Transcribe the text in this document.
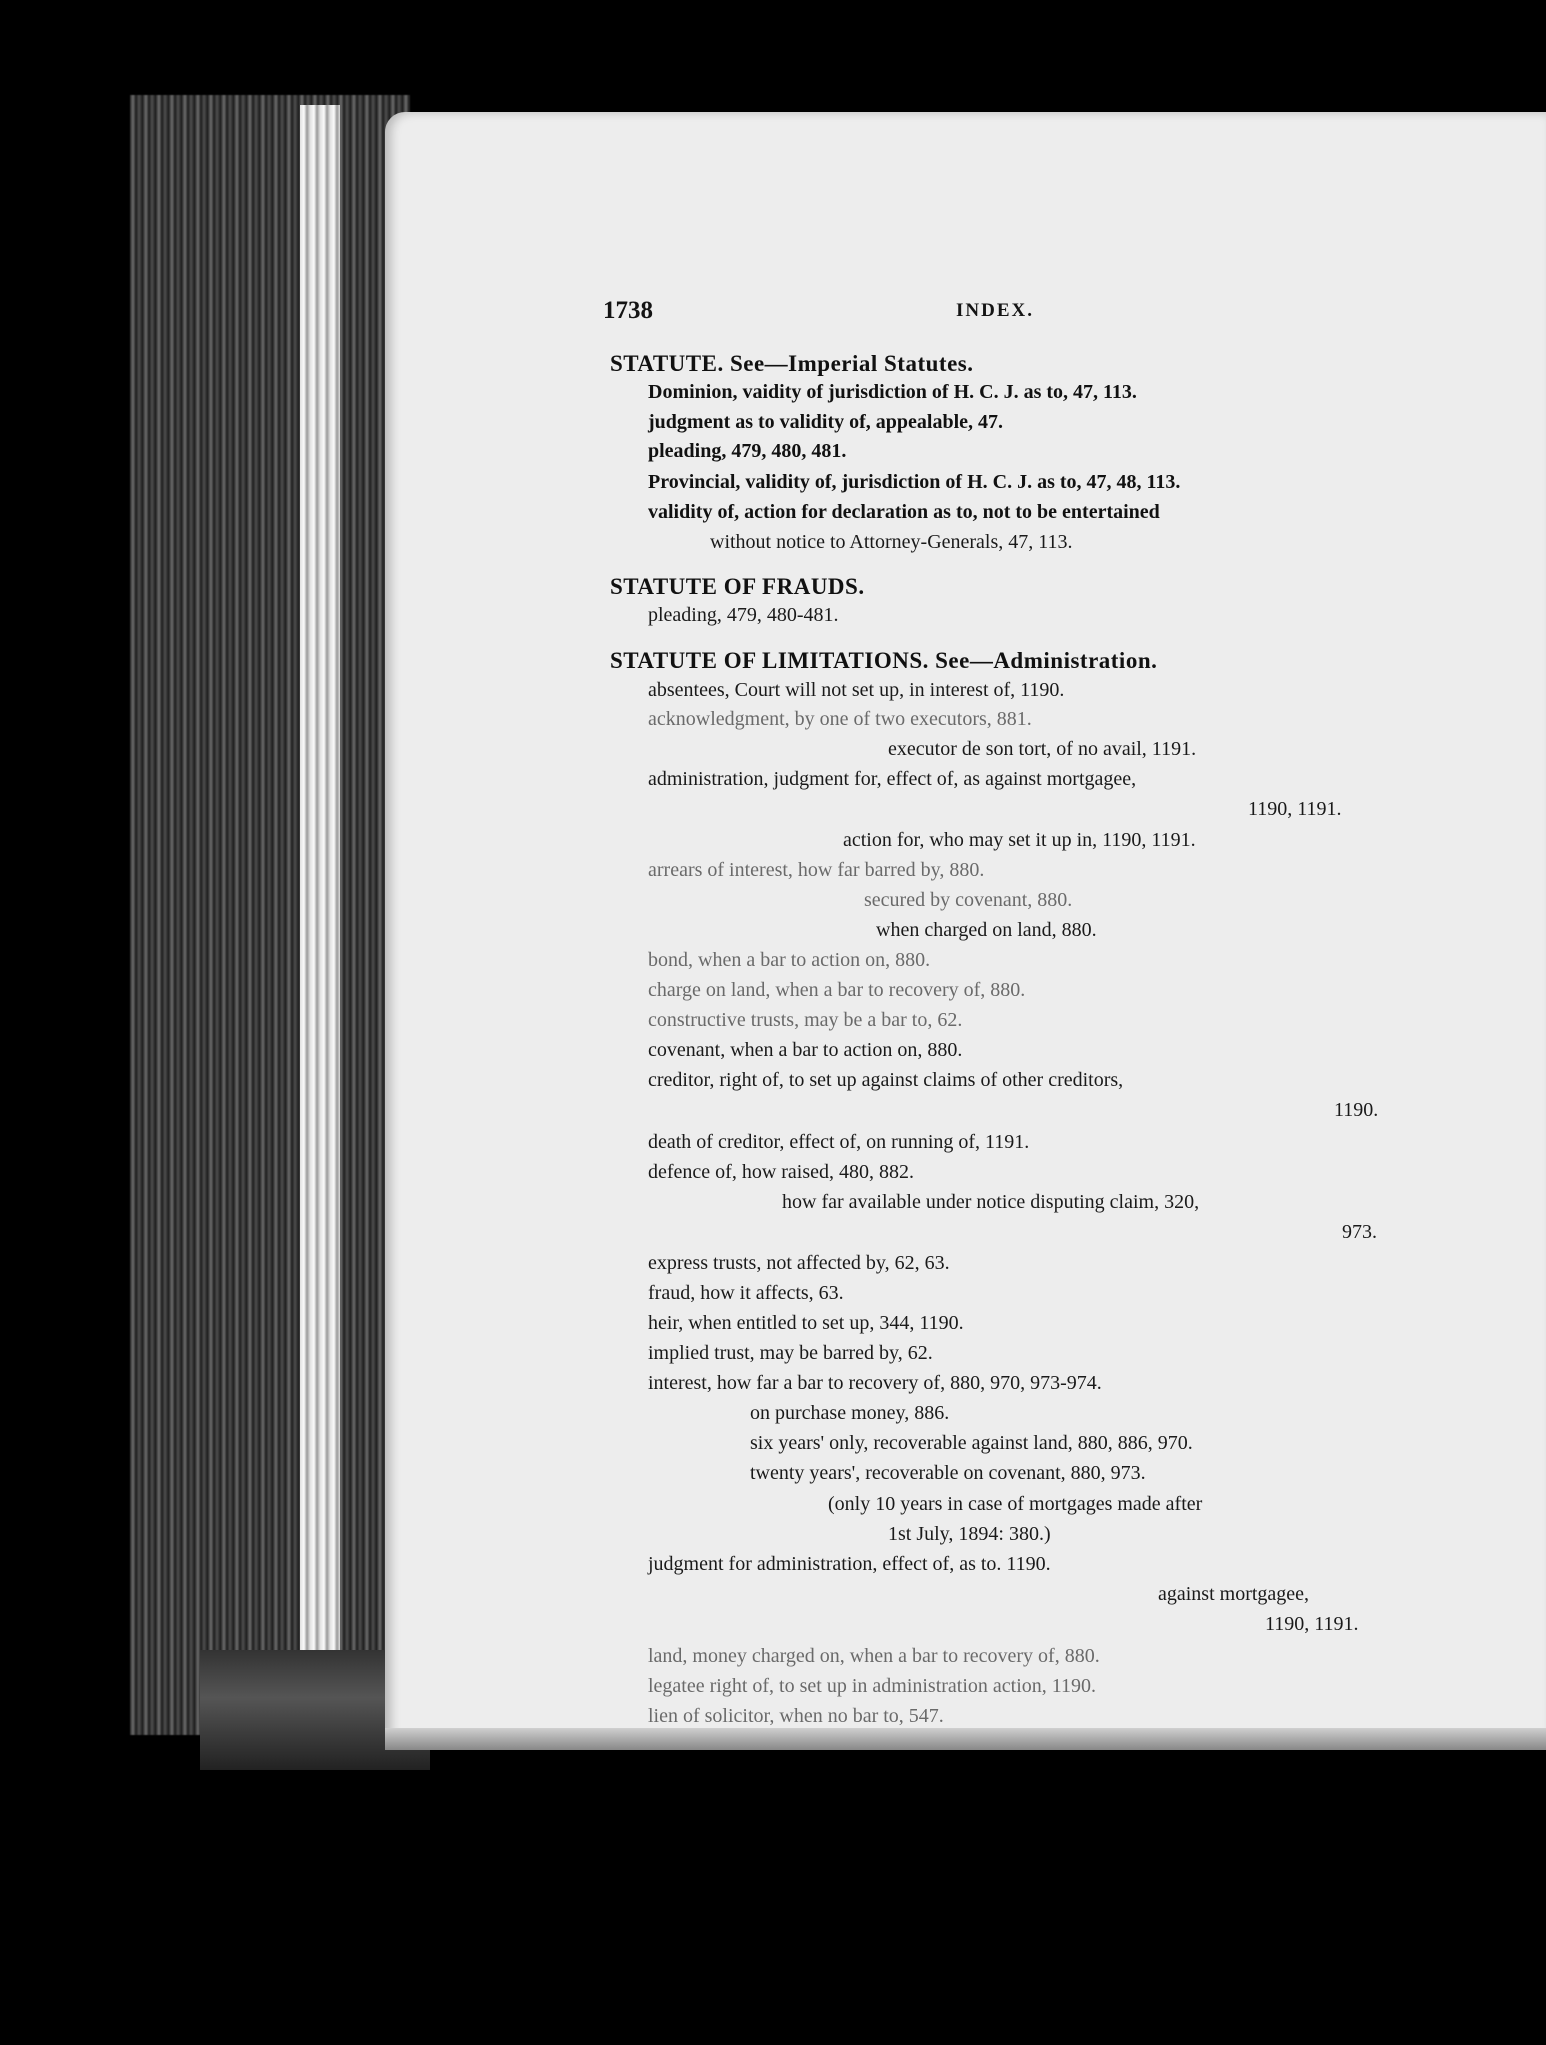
1738	INDEX.
STATUTE. See—Imperial Statutes.
Dominion, vaidity of jurisdiction of H. C. J. as to, 47, 113.
judgment as to validity of, appealable, 47.
pleading, 479, 480, 481.
Provincial, validity of, jurisdiction of H. C. J. as to, 47, 48, 113.
validity of, action for declaration as to, not to be entertained
without notice to Attorney-Generals, 47, 113.
STATUTE OF FRAUDS.
pleading, 479, 480-481.
STATUTE OF LIMITATIONS. See—Administration.
absentees, Court will not set up, in interest of, 1190.
acknowledgment, by one of two executors, 881.
executor de son tort, of no avail, 1191.
administration, judgment for, effect of, as against mortgagee,
1190, 1191.
action for, who may set it up in, 1190, 1191.
arrears of interest, how far barred by, 880.
secured by covenant, 880.
when charged on land, 880.
bond, when a bar to action on, 880.
charge on land, when a bar to recovery of, 880.
constructive trusts, may be a bar to, 62.
covenant, when a bar to action on, 880.
creditor, right of, to set up against claims of other creditors,
1190.
death of creditor, effect of, on running of, 1191.
defence of, how raised, 480, 882.
how far available under notice disputing claim, 320,
973.
express trusts, not affected by, 62, 63.
fraud, how it affects, 63.
heir, when entitled to set up, 344, 1190.
implied trust, may be barred by, 62.
interest, how far a bar to recovery of, 880, 970, 973-974.
on purchase money, 886.
six years' only, recoverable against land, 880, 886, 970.
twenty years', recoverable on covenant, 880, 973.
(only 10 years in case of mortgages made after
1st July, 1894: 380.)
judgment for administration, effect of, as to. 1190.
against mortgagee,
1190, 1191.
land, money charged on, when a bar to recovery of, 880.
legatee right of, to set up in administration action, 1190.
lien of solicitor, when no bar to, 547.
